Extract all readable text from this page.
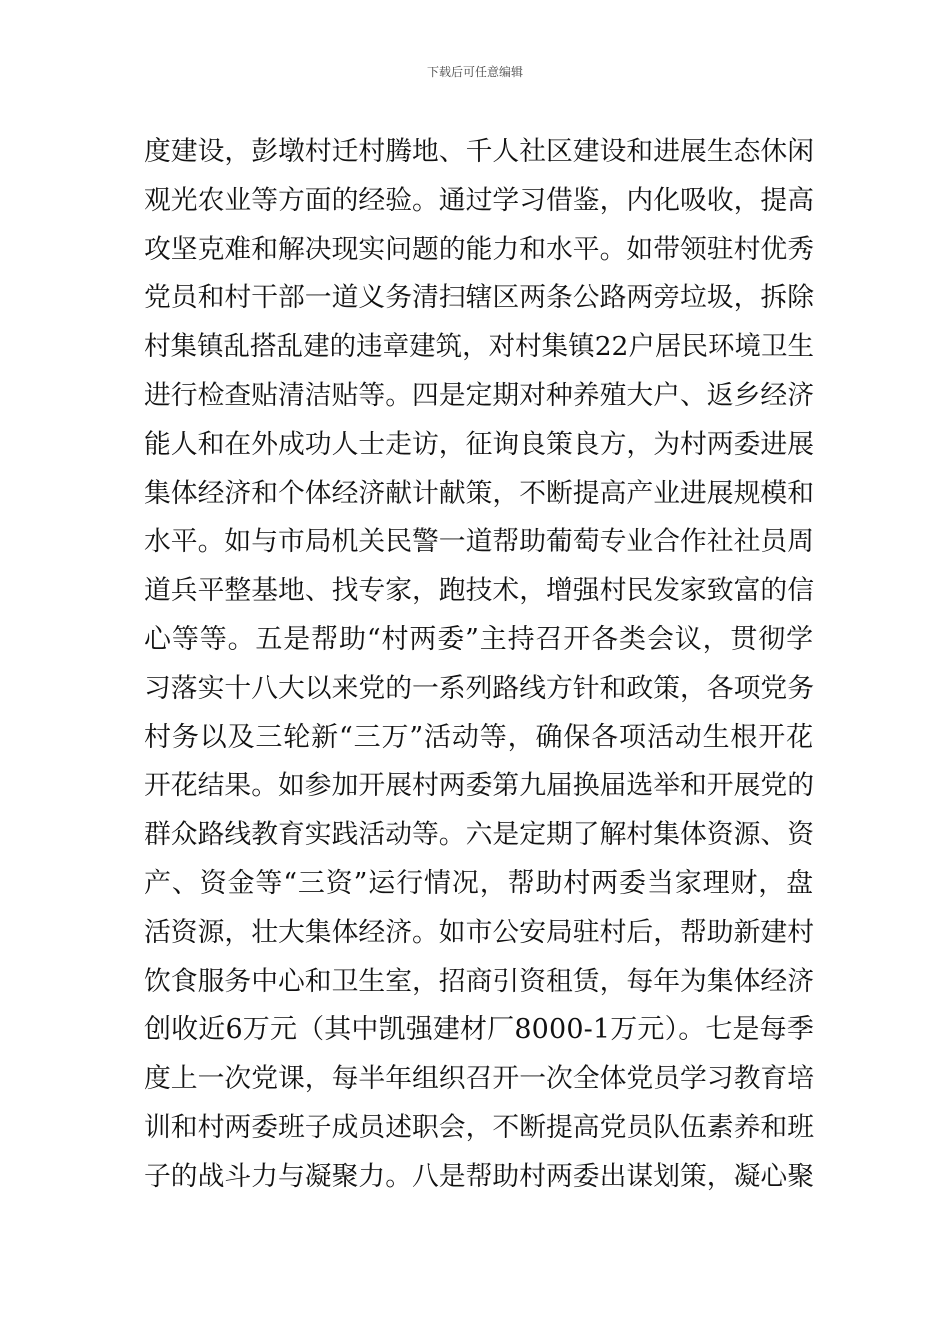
下载后可任意编辑
度建设，彭墩村迁村腾地、千人社区建设和进展生态休闲
观光农业等方面的经验。通过学习借鉴，内化吸收，提高
攻坚克难和解决现实问题的能力和水平。如带领驻村优秀
党员和村干部一道义务清扫辖区两条公路两旁垃圾，拆除
村集镇乱搭乱建的违章建筑，对村集镇22户居民环境卫生
进行检查贴清洁贴等。四是定期对种养殖大户、返乡经济
能人和在外成功人士走访，征询良策良方，为村两委进展
集体经济和个体经济献计献策，不断提高产业进展规模和
水平。如与市局机关民警一道帮助葡萄专业合作社社员周
道兵平整基地、找专家，跑技术，增强村民发家致富的信
心等等。五是帮助“村两委”主持召开各类会议，贯彻学
习落实十八大以来党的一系列路线方针和政策，各项党务
村务以及三轮新“三万”活动等，确保各项活动生根开花
开花结果。如参加开展村两委第九届换届选举和开展党的
群众路线教育实践活动等。六是定期了解村集体资源、资
产、资金等“三资”运行情况，帮助村两委当家理财，盘
活资源，壮大集体经济。如市公安局驻村后，帮助新建村
饮食服务中心和卫生室，招商引资租赁，每年为集体经济
创收近6万元（其中凯强建材厂8000-1万元）。七是每季
度上一次党课，每半年组织召开一次全体党员学习教育培
训和村两委班子成员述职会，不断提高党员队伍素养和班
子的战斗力与凝聚力。八是帮助村两委出谋划策，凝心聚
